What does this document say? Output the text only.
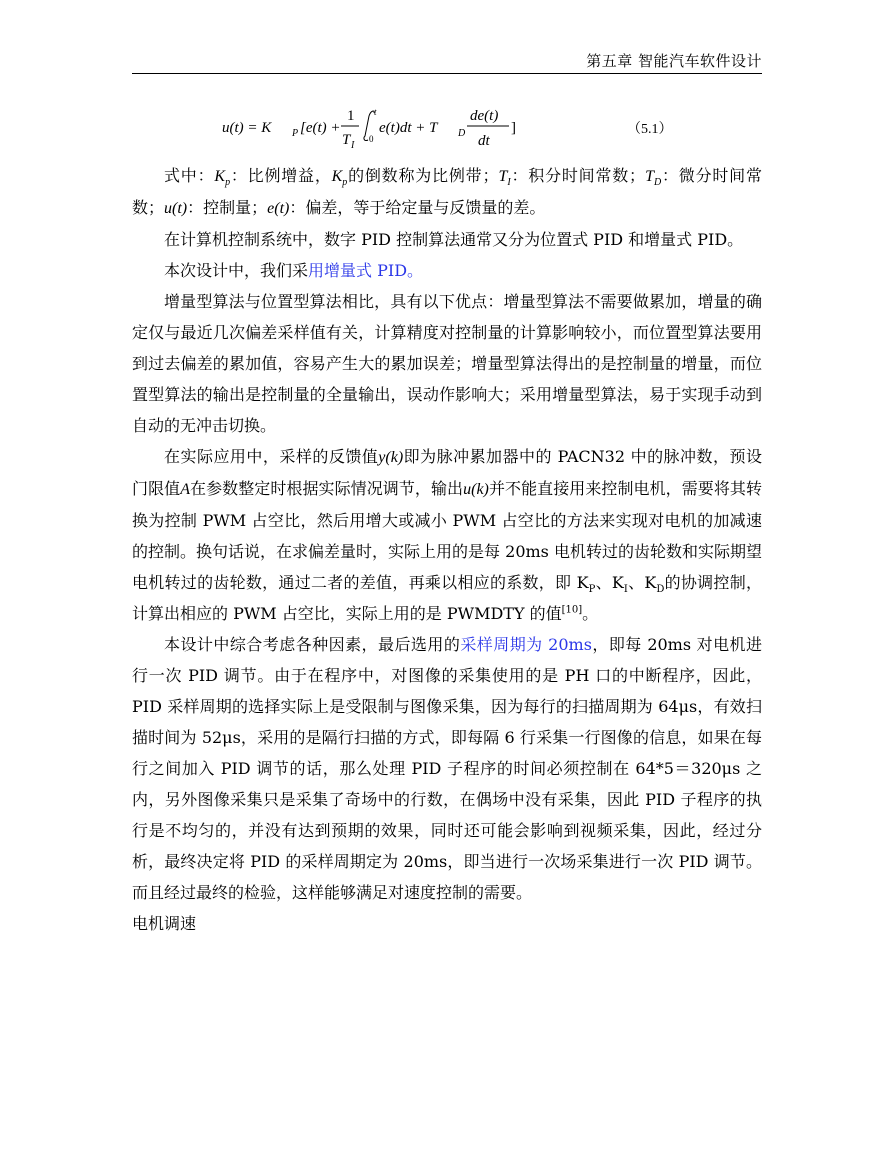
第五章 智能汽车软件设计
u(t) = K P [e(t) +
1
T I
t
0
e(t)dt + T D
de(t)
dt
]	（5.1）

式中：$K_p$：比例增益，$K_p$的倒数称为比例带；$T_I$：积分时间常数；$T_D$：微分时间常数；u(t)：控制量；e(t)：偏差，等于给定量与反馈量的差。

在计算机控制系统中，数字 PID 控制算法通常又分为位置式 PID 和增量式 PID。

本次设计中，我们采用增量式 PID。

增量型算法与位置型算法相比，具有以下优点：增量型算法不需要做累加，增量的确定仅与最近几次偏差采样值有关，计算精度对控制量的计算影响较小，而位置型算法要用到过去偏差的累加值，容易产生大的累加误差；增量型算法得出的是控制量的增量，而位置型算法的输出是控制量的全量输出，误动作影响大；采用增量型算法，易于实现手动到自动的无冲击切换。

在实际应用中，采样的反馈值y(k)即为脉冲累加器中的 PACN32 中的脉冲数，预设门限值A在参数整定时根据实际情况调节，输出u(k)并不能直接用来控制电机，需要将其转换为控制 PWM 占空比，然后用增大或减小 PWM 占空比的方法来实现对电机的加减速的控制。换句话说，在求偏差量时，实际上用的是每 20ms 电机转过的齿轮数和实际期望电机转过的齿轮数，通过二者的差值，再乘以相应的系数，即 $K_P$、$K_I$、$K_D$的协调控制，计算出相应的 PWM 占空比，实际上用的是 PWMDTY 的值[10]。

本设计中综合考虑各种因素，最后选用的采样周期为 20ms，即每 20ms 对电机进行一次 PID 调节。由于在程序中，对图像的采集使用的是 PH 口的中断程序，因此，PID 采样周期的选择实际上是受限制与图像采集，因为每行的扫描周期为 64μs，有效扫描时间为 52μs，采用的是隔行扫描的方式，即每隔 6 行采集一行图像的信息，如果在每行之间加入 PID 调节的话，那么处理 PID 子程序的时间必须控制在 64*5＝320μs 之内，另外图像采集只是采集了奇场中的行数，在偶场中没有采集，因此 PID 子程序的执行是不均匀的，并没有达到预期的效果，同时还可能会影响到视频采集，因此，经过分析，最终决定将 PID 的采样周期定为 20ms，即当进行一次场采集进行一次 PID 调节。而且经过最终的检验，这样能够满足对速度控制的需要。

电机调速
